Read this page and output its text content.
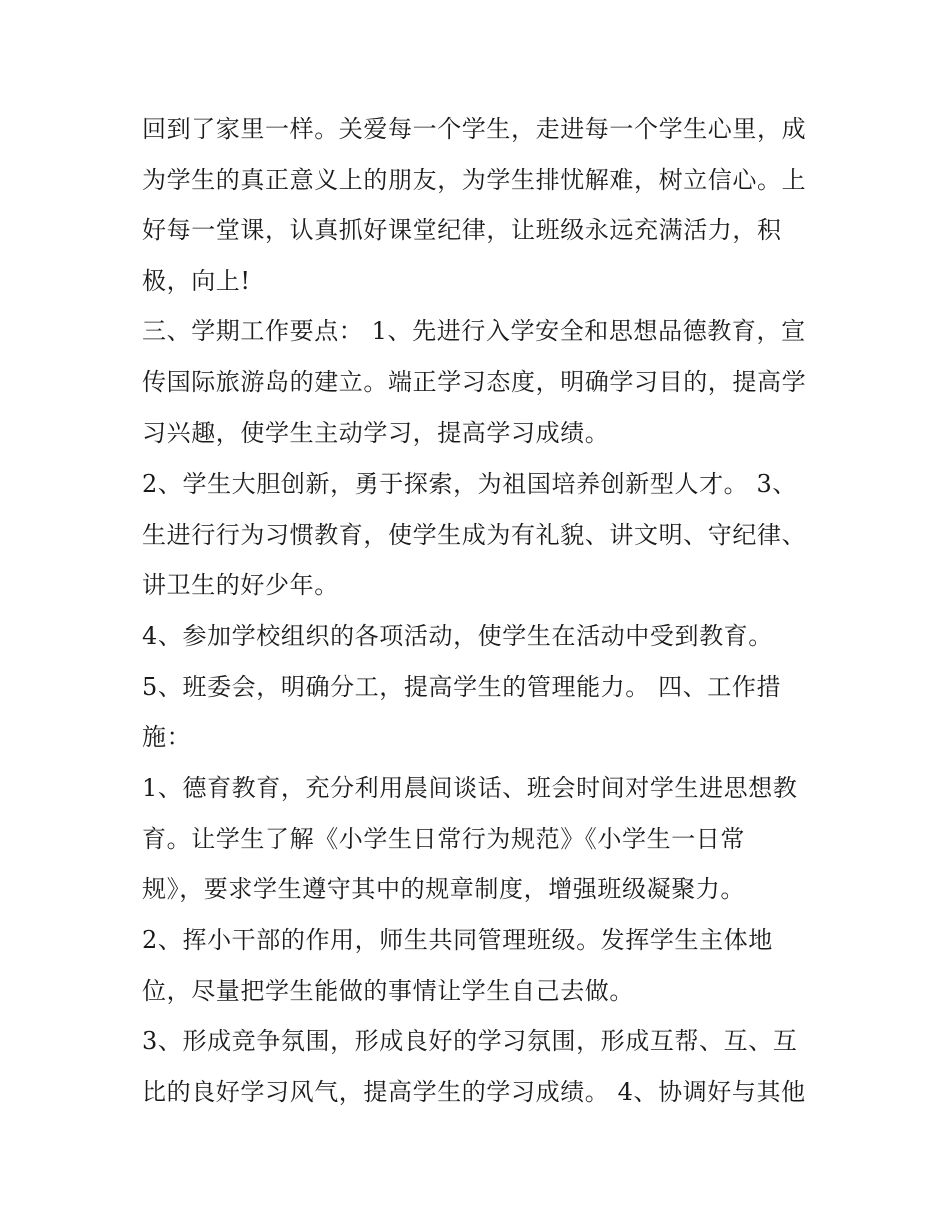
回到了家里一样。关爱每一个学生，走进每一个学生心里，成

为学生的真正意义上的朋友，为学生排忧解难，树立信心。上

好每一堂课，认真抓好课堂纪律，让班级永远充满活力，积

极，向上!

三、学期工作要点： 1、先进行入学安全和思想品德教育，宣

传国际旅游岛的建立。端正学习态度，明确学习目的，提高学

习兴趣，使学生主动学习，提高学习成绩。

2、学生大胆创新，勇于探索，为祖国培养创新型人才。 3、

生进行行为习惯教育，使学生成为有礼貌、讲文明、守纪律、

讲卫生的好少年。

4、参加学校组织的各项活动，使学生在活动中受到教育。

5、班委会，明确分工，提高学生的管理能力。 四、工作措

施：

1、德育教育，充分利用晨间谈话、班会时间对学生进思想教

育。让学生了解《小学生日常行为规范》《小学生一日常

规》，要求学生遵守其中的规章制度，增强班级凝聚力。

2、挥小干部的作用，师生共同管理班级。发挥学生主体地

位，尽量把学生能做的事情让学生自己去做。

3、形成竞争氛围，形成良好的学习氛围，形成互帮、互、互

比的良好学习风气，提高学生的学习成绩。 4、协调好与其他
